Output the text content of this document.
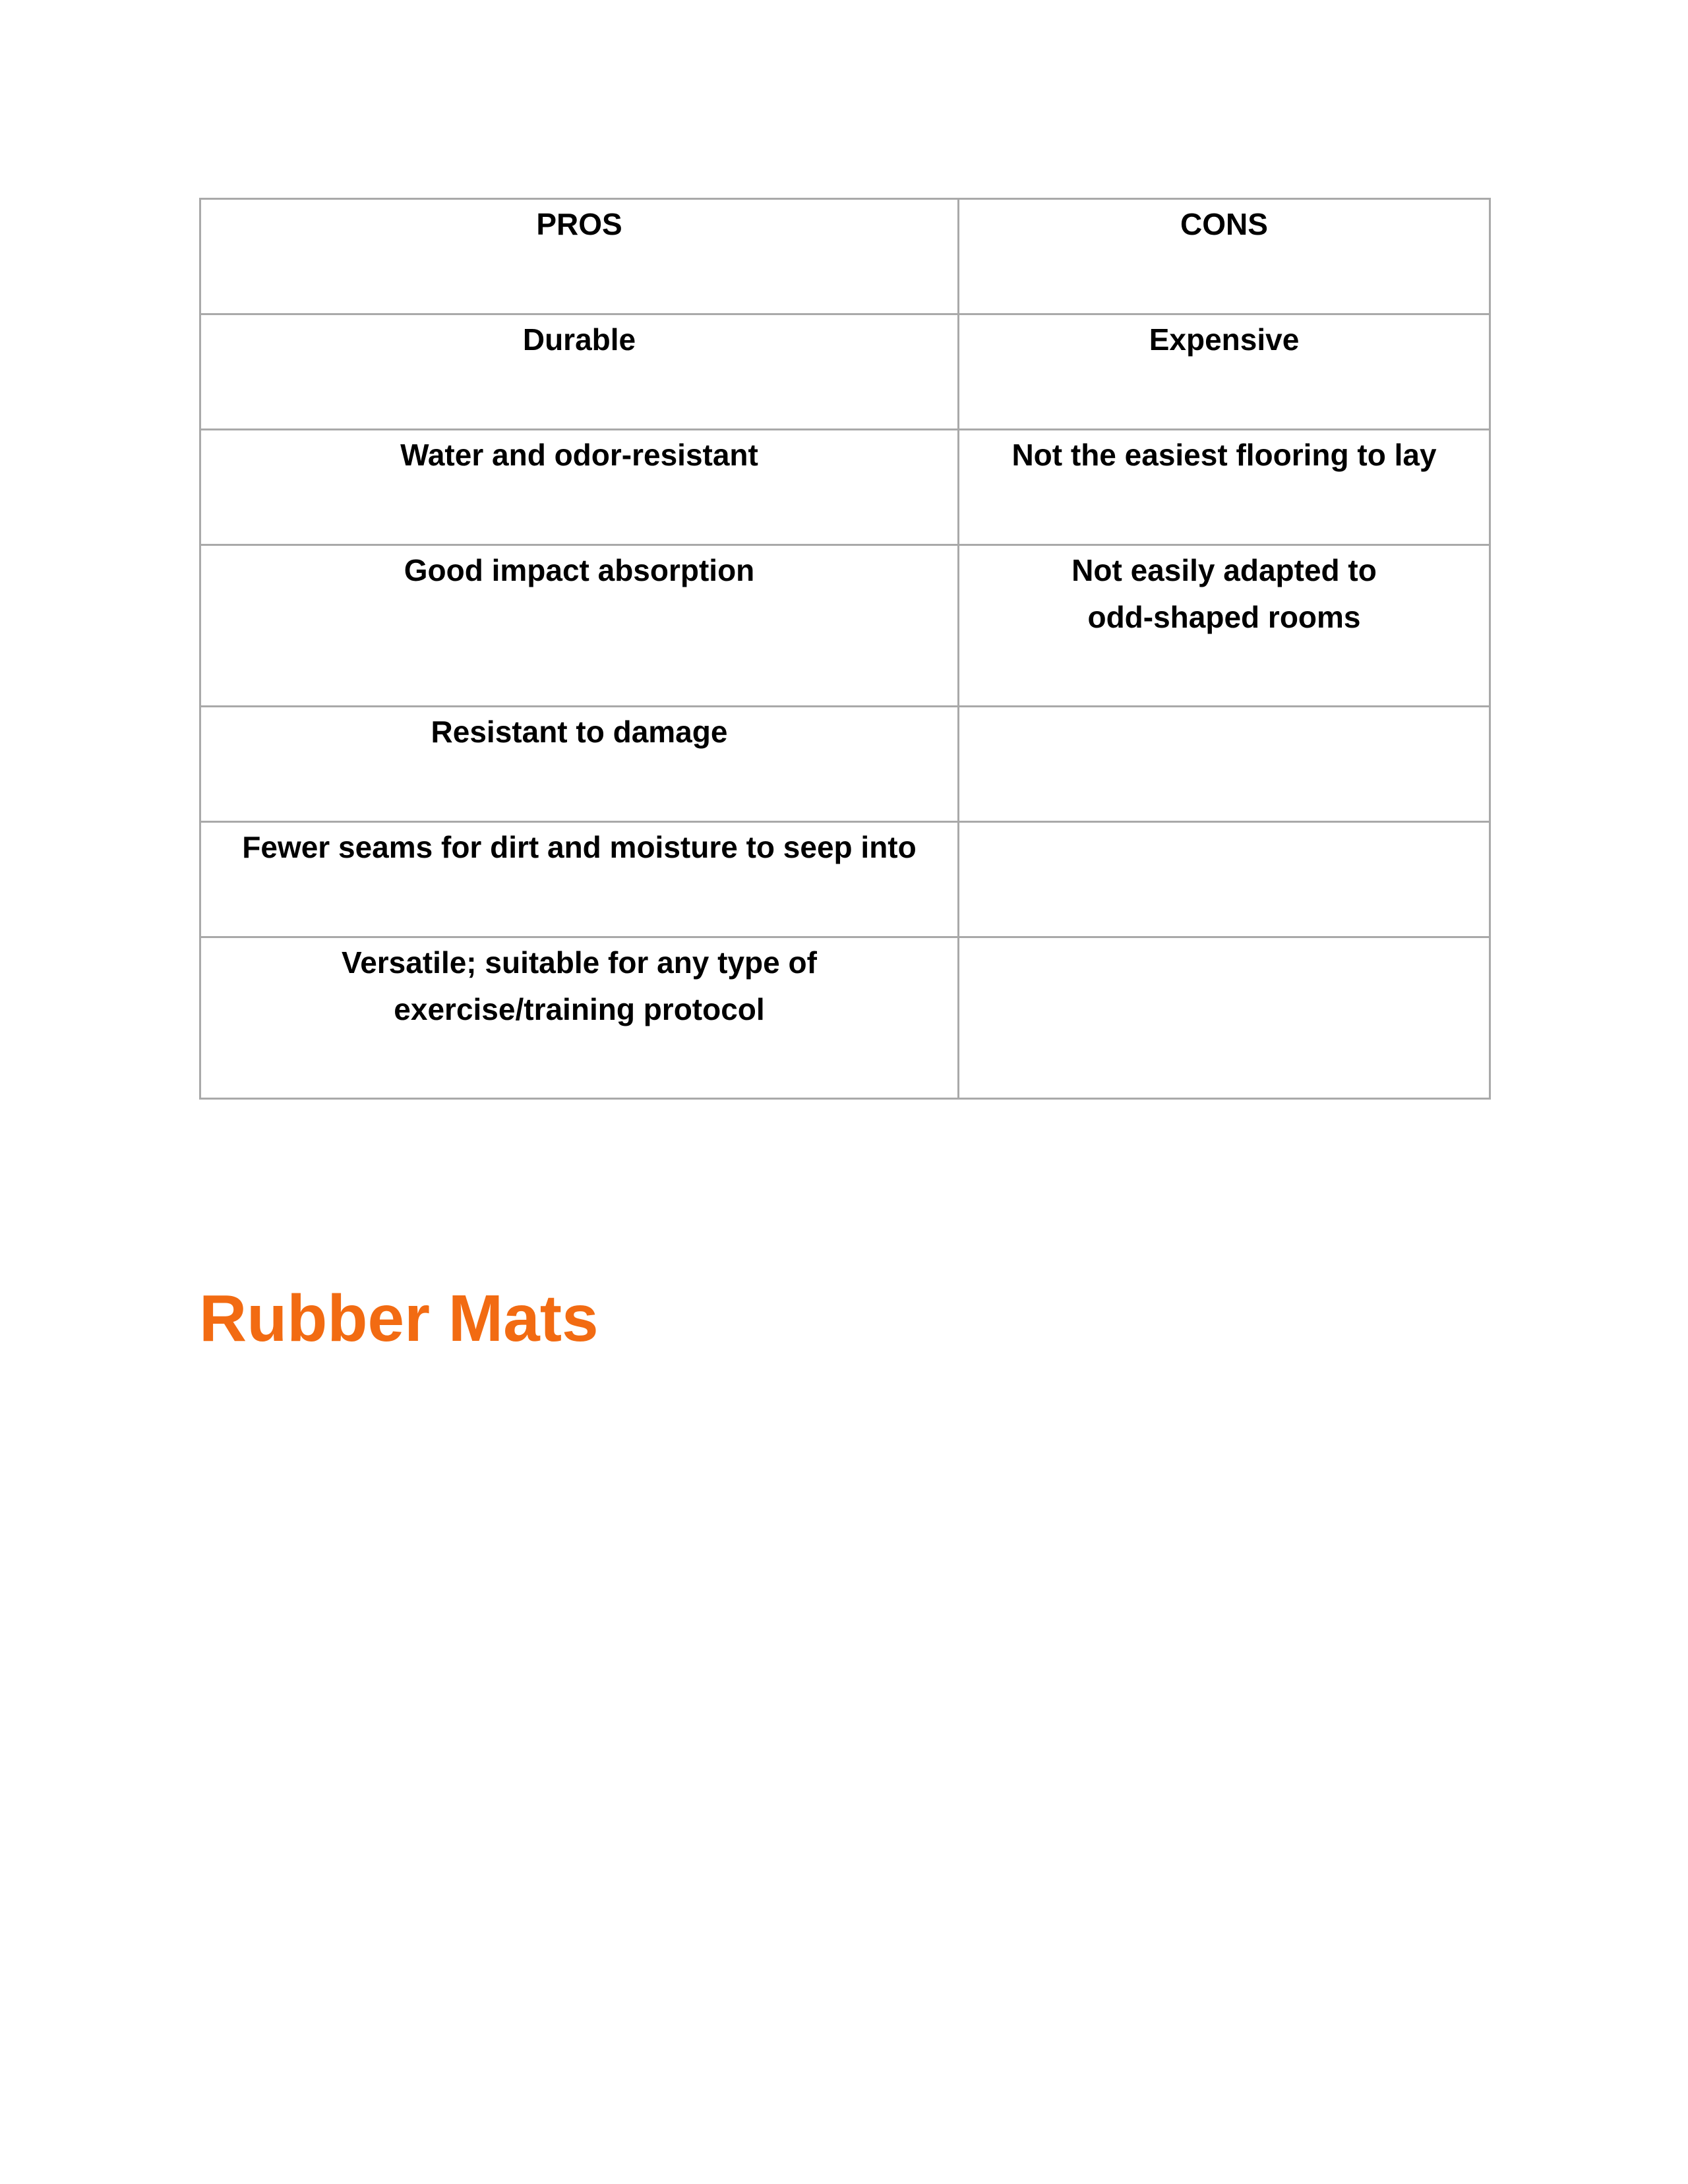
PROS	CONS
Durable	Expensive
Water and odor-resistant	Not the easiest flooring to lay
Good impact absorption	Not easily adapted to odd-shaped rooms
Resistant to damage	
Fewer seams for dirt and moisture to seep into	
Versatile; suitable for any type of exercise/training protocol	
Rubber Mats
